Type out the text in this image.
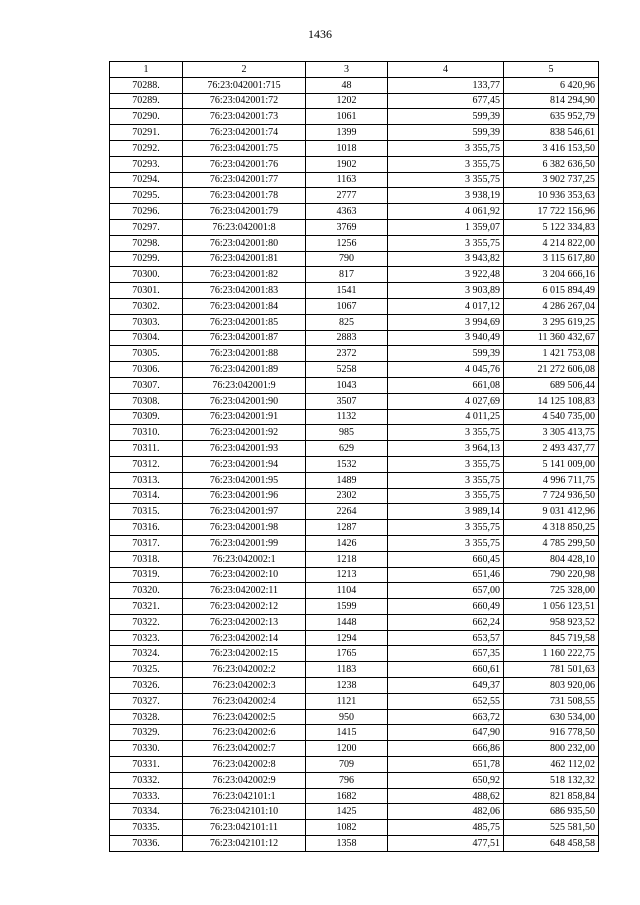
1436
1	2	3	4	5
70288.	76:23:042001:715	48	133,77	6 420,96
70289.	76:23:042001:72	1202	677,45	814 294,90
70290.	76:23:042001:73	1061	599,39	635 952,79
70291.	76:23:042001:74	1399	599,39	838 546,61
70292.	76:23:042001:75	1018	3 355,75	3 416 153,50
70293.	76:23:042001:76	1902	3 355,75	6 382 636,50
70294.	76:23:042001:77	1163	3 355,75	3 902 737,25
70295.	76:23:042001:78	2777	3 938,19	10 936 353,63
70296.	76:23:042001:79	4363	4 061,92	17 722 156,96
70297.	76:23:042001:8	3769	1 359,07	5 122 334,83
70298.	76:23:042001:80	1256	3 355,75	4 214 822,00
70299.	76:23:042001:81	790	3 943,82	3 115 617,80
70300.	76:23:042001:82	817	3 922,48	3 204 666,16
70301.	76:23:042001:83	1541	3 903,89	6 015 894,49
70302.	76:23:042001:84	1067	4 017,12	4 286 267,04
70303.	76:23:042001:85	825	3 994,69	3 295 619,25
70304.	76:23:042001:87	2883	3 940,49	11 360 432,67
70305.	76:23:042001:88	2372	599,39	1 421 753,08
70306.	76:23:042001:89	5258	4 045,76	21 272 606,08
70307.	76:23:042001:9	1043	661,08	689 506,44
70308.	76:23:042001:90	3507	4 027,69	14 125 108,83
70309.	76:23:042001:91	1132	4 011,25	4 540 735,00
70310.	76:23:042001:92	985	3 355,75	3 305 413,75
70311.	76:23:042001:93	629	3 964,13	2 493 437,77
70312.	76:23:042001:94	1532	3 355,75	5 141 009,00
70313.	76:23:042001:95	1489	3 355,75	4 996 711,75
70314.	76:23:042001:96	2302	3 355,75	7 724 936,50
70315.	76:23:042001:97	2264	3 989,14	9 031 412,96
70316.	76:23:042001:98	1287	3 355,75	4 318 850,25
70317.	76:23:042001:99	1426	3 355,75	4 785 299,50
70318.	76:23:042002:1	1218	660,45	804 428,10
70319.	76:23:042002:10	1213	651,46	790 220,98
70320.	76:23:042002:11	1104	657,00	725 328,00
70321.	76:23:042002:12	1599	660,49	1 056 123,51
70322.	76:23:042002:13	1448	662,24	958 923,52
70323.	76:23:042002:14	1294	653,57	845 719,58
70324.	76:23:042002:15	1765	657,35	1 160 222,75
70325.	76:23:042002:2	1183	660,61	781 501,63
70326.	76:23:042002:3	1238	649,37	803 920,06
70327.	76:23:042002:4	1121	652,55	731 508,55
70328.	76:23:042002:5	950	663,72	630 534,00
70329.	76:23:042002:6	1415	647,90	916 778,50
70330.	76:23:042002:7	1200	666,86	800 232,00
70331.	76:23:042002:8	709	651,78	462 112,02
70332.	76:23:042002:9	796	650,92	518 132,32
70333.	76:23:042101:1	1682	488,62	821 858,84
70334.	76:23:042101:10	1425	482,06	686 935,50
70335.	76:23:042101:11	1082	485,75	525 581,50
70336.	76:23:042101:12	1358	477,51	648 458,58
